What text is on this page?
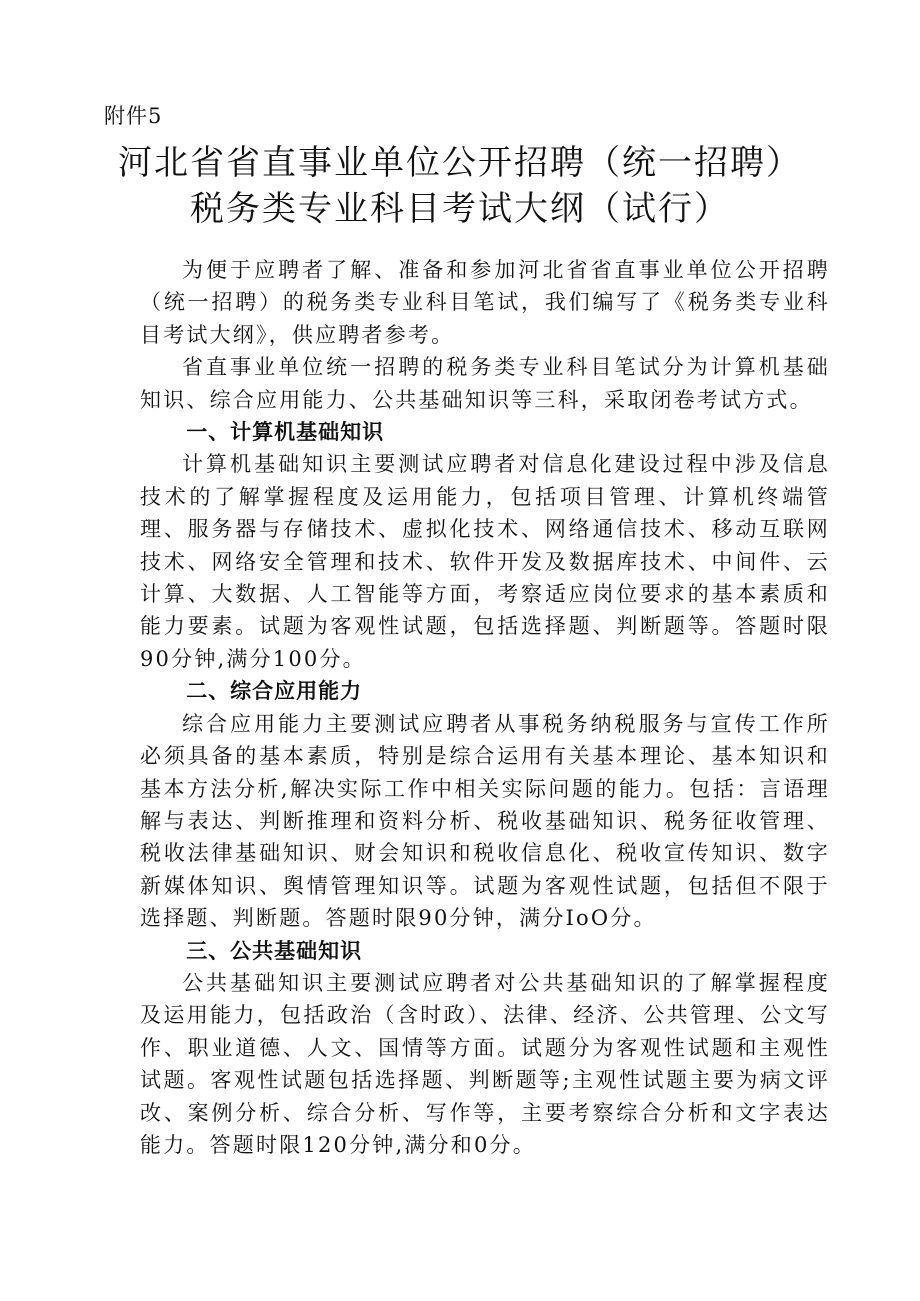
附件5
河北省省直事业单位公开招聘（统一招聘）
税务类专业科目考试大纲（试行）

为便于应聘者了解、准备和参加河北省省直事业单位公开招聘（统一招聘）的税务类专业科目笔试，我们编写了《税务类专业科目考试大纲》，供应聘者参考。

省直事业单位统一招聘的税务类专业科目笔试分为计算机基础知识、综合应用能力、公共基础知识等三科，采取闭卷考试方式。

一、计算机基础知识

计算机基础知识主要测试应聘者对信息化建设过程中涉及信息技术的了解掌握程度及运用能力，包括项目管理、计算机终端管理、服务器与存储技术、虚拟化技术、网络通信技术、移动互联网技术、网络安全管理和技术、软件开发及数据库技术、中间件、云计算、大数据、人工智能等方面，考察适应岗位要求的基本素质和能力要素。试题为客观性试题，包括选择题、判断题等。答题时限90分钟,满分100分。

二、综合应用能力

综合应用能力主要测试应聘者从事税务纳税服务与宣传工作所必须具备的基本素质，特别是综合运用有关基本理论、基本知识和基本方法分析,解决实际工作中相关实际问题的能力。包括：言语理解与表达、判断推理和资料分析、税收基础知识、税务征收管理、税收法律基础知识、财会知识和税收信息化、税收宣传知识、数字新媒体知识、舆情管理知识等。试题为客观性试题，包括但不限于选择题、判断题。答题时限90分钟，满分IoO分。

三、公共基础知识

公共基础知识主要测试应聘者对公共基础知识的了解掌握程度及运用能力，包括政治（含时政）、法律、经济、公共管理、公文写作、职业道德、人文、国情等方面。试题分为客观性试题和主观性试题。客观性试题包括选择题、判断题等;主观性试题主要为病文评改、案例分析、综合分析、写作等，主要考察综合分析和文字表达能力。答题时限120分钟,满分和0分。
